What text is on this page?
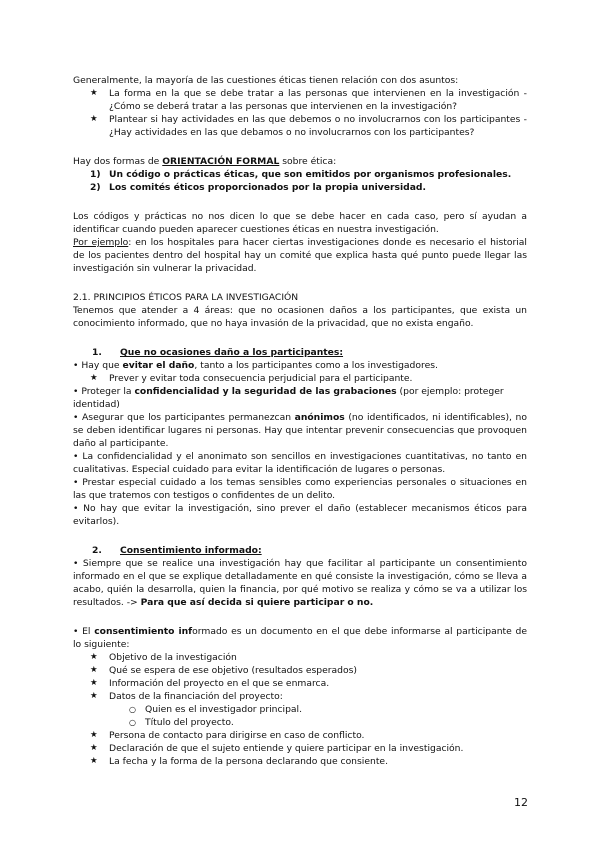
Generalmente, la mayoría de las cuestiones éticas tienen relación con dos asuntos:

★ La forma en la que se debe tratar a las personas que intervienen en la investigación - ¿Cómo se deberá tratar a las personas que intervienen en la investigación?
★ Plantear si hay actividades en las que debemos o no involucrarnos con los participantes - ¿Hay actividades en las que debamos o no involucrarnos con los participantes?

Hay dos formas de ORIENTACIÓN FORMAL sobre ética:

1) Un código o prácticas éticas, que son emitidos por organismos profesionales.
2) Los comités éticos proporcionados por la propia universidad.

Los códigos y prácticas no nos dicen lo que se debe hacer en cada caso, pero sí ayudan a identificar cuando pueden aparecer cuestiones éticas en nuestra investigación.

Por ejemplo: en los hospitales para hacer ciertas investigaciones donde es necesario el historial de los pacientes dentro del hospital hay un comité que explica hasta qué punto puede llegar las investigación sin vulnerar la privacidad.

2.1. PRINCIPIOS ÉTICOS PARA LA INVESTIGACIÓN

Tenemos que atender a 4 áreas: que no ocasionen daños a los participantes, que exista un conocimiento informado, que no haya invasión de la privacidad, que no exista engaño.

1. Que no ocasiones daño a los participantes:

• Hay que evitar el daño, tanto a los participantes como a los investigadores.

★ Prever y evitar toda consecuencia perjudicial para el participante.

• Proteger la confidencialidad y la seguridad de las grabaciones (por ejemplo: proteger identidad)

• Asegurar que los participantes permanezcan anónimos (no identificados, ni identificables), no se deben identificar lugares ni personas. Hay que intentar prevenir consecuencias que provoquen daño al participante.

• La confidencialidad y el anonimato son sencillos en investigaciones cuantitativas, no tanto en cualitativas. Especial cuidado para evitar la identificación de lugares o personas.

• Prestar especial cuidado a los temas sensibles como experiencias personales o situaciones en las que tratemos con testigos o confidentes de un delito.

• No hay que evitar la investigación, sino prever el daño (establecer mecanismos éticos para evitarlos).

2. Consentimiento informado:

• Siempre que se realice una investigación hay que facilitar al participante un consentimiento informado en el que se explique detalladamente en qué consiste la investigación, cómo se lleva a acabo, quién la desarrolla, quien la financia, por qué motivo se realiza y cómo se va a utilizar los resultados. -> Para que así decida si quiere participar o no.

• El consentimiento informado es un documento en el que debe informarse al participante de lo siguiente:

★ Objetivo de la investigación
★ Qué se espera de ese objetivo (resultados esperados)
★ Información del proyecto en el que se enmarca.
★ Datos de la financiación del proyecto:
○ Quien es el investigador principal.
○ Título del proyecto.
★ Persona de contacto para dirigirse en caso de conflicto.
★ Declaración de que el sujeto entiende y quiere participar en la investigación.
★ La fecha y la forma de la persona declarando que consiente.
12
